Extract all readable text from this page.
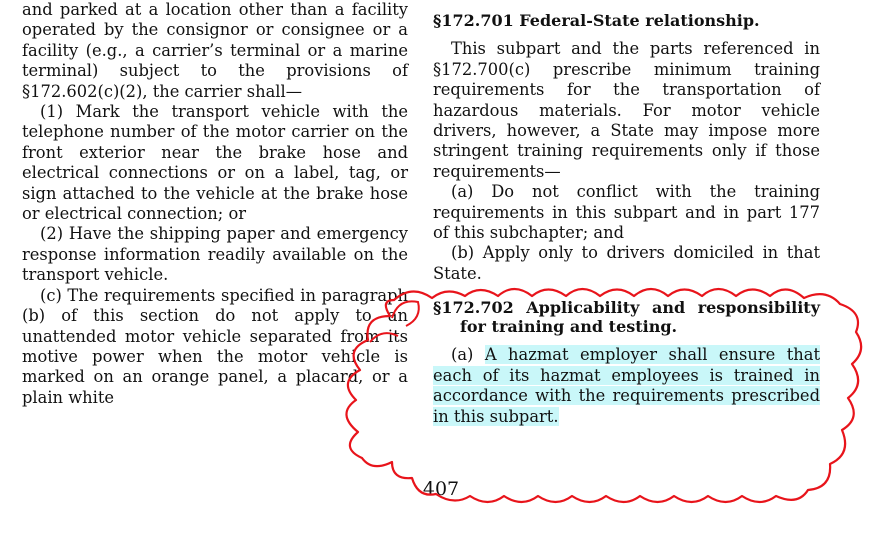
and parked at a location other than a facility operated by the consignor or consignee or a facility (e.g., a carrier’s terminal or a marine terminal) subject to the provisions of §172.602(c)(2), the carrier shall—

(1) Mark the transport vehicle with the telephone number of the motor carrier on the front exterior near the brake hose and electrical connections or on a label, tag, or sign attached to the vehicle at the brake hose or electrical connection; or

(2) Have the shipping paper and emergency response information readily available on the transport vehicle.

(c) The requirements specified in paragraph (b) of this section do not apply to an unattended motor vehicle separated from its motive power when the motor vehicle is marked on an orange panel, a placard, or a plain white

§172.701 Federal-State relationship.

This subpart and the parts referenced in §172.700(c) prescribe minimum training requirements for the transportation of hazardous materials. For motor vehicle drivers, however, a State may impose more stringent training requirements only if those requirements—

(a) Do not conflict with the training requirements in this subpart and in part 177 of this subchapter; and

(b) Apply only to drivers domiciled in that State.

§172.702 Applicability and responsibility for training and testing.

(a) A hazmat employer shall ensure that each of its hazmat employees is trained in accordance with the requirements prescribed in this subpart.

407
